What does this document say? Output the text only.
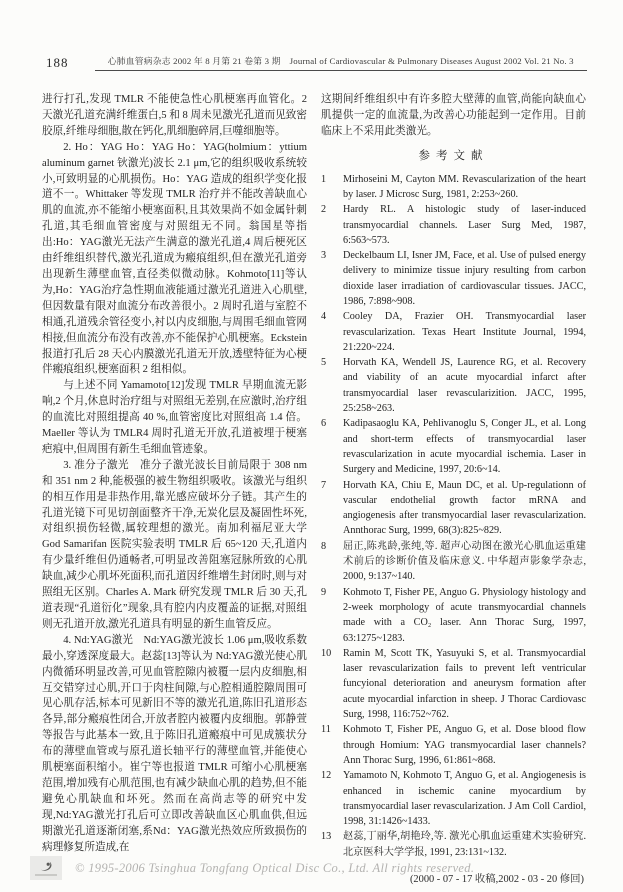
188	心肺血管病杂志 2002 年 8 月第 21 卷第 3 期　Journal of Cardiovascular & Pulmonary Diseases August 2002 Vol. 21 No. 3

进行打孔,发现 TMLR 不能使急性心肌梗塞再血管化。2 天激光孔道充满纤维蛋白,5 和 8 周未见激光孔道而见致密胶原,纤维母细胞,散在钙化,肌细胞碎屑,巨噬细胞等。

2. Ho：YAG Ho：YAG Ho：YAG(holmium：yttium aluminum garnet 钬激光)波长 2.1 μm,它的组织吸收系统较小,可致明显的心肌损伤。Ho：YAG 造成的组织学变化报道不一。Whittaker 等发现 TMLR 治疗并不能改善缺血心肌的血流,亦不能缩小梗塞面积,且其效果尚不如金属针刺孔道,其毛细血管密度与对照组无不同。翁国星等指出:Ho：YAG激光无法产生满意的激光孔道,4 周后梗死区由纤维组织替代,激光孔道成为瘢痕组织,但在激光孔道旁出现新生薄壁血管,直径类似微动脉。Kohmoto[11]等认为,Ho：YAG治疗急性期血液能通过激光孔道进入心肌壁,但因数量有限对血流分布改善很小。2 周时孔道与室腔不相通,孔道残余管径变小,衬以内皮细胞,与周围毛细血管网相接,但血流分布没有改善,亦不能保护心肌梗塞。Eckstein 报道打孔后 28 天心内膜激光孔道无开放,透壁特征为心梗伴瘢痕组织,梗塞面积 2 组相似。

与上述不同 Yamamoto[12]发现 TMLR 早期血流无影响,2 个月,休息时治疗组与对照组无差别,在应激时,治疗组的血流比对照组提高 40 %,血管密度比对照组高 1.4 倍。Maeller 等认为 TMLR4 周时孔道无开放,孔道被埋于梗塞疤痕中,但周围有新生毛细血管迹象。

3. 准分子激光　准分子激光波长目前局限于 308 nm 和 351 nm 2 种,能极强的被生物组织吸收。该激光与组织的相互作用是非热作用,靠光感应破坏分子链。其产生的孔道光镜下可见切剖面整齐干净,无炭化层及凝固性坏死,对组织损伤轻微,属较理想的激光。南加利福尼亚大学 God Samarifan 医院实验表明 TMLR 后 65~120 天,孔道内有少量纤维但仍通畅者,可明显改善阻塞冠脉所致的心肌缺血,减少心肌坏死面积,而孔道因纤维增生封闭时,则与对照组无区别。Charles A. Mark 研究发现 TMLR 后 30 天,孔道表现“孔道衍化”现象,具有腔内内皮覆盖的证据,对照组则无孔道开放,激光孔道具有明显的新生血管反应。

4. Nd:YAG激光　Nd:YAG激光波长 1.06 μm,吸收系数最小,穿透深度最大。赵蕊[13]等认为 Nd:YAG激光使心肌内微循环明显改善,可见血管腔隙内被覆一层内皮细胞,相互交错穿过心肌,开口于肉柱间隙,与心腔相通腔隙周围可见心肌存活,标本可见新旧不等的激光孔道,陈旧孔道形态各异,部分瘢痕性闭合,开放者腔内被覆内皮细胞。郭静萱等报告与此基本一致,且于陈旧孔道瘢痕中可见成簇状分布的薄壁血管或与原孔道长轴平行的薄壁血管,并能使心肌梗塞面积缩小。崔宁等也报道 TMLR 可缩小心肌梗塞范围,增加残有心肌范围,也有减少缺血心肌的趋势,但不能避免心肌缺血和坏死。然而在高尚志等的研究中发现,Nd:YAG激光打孔后可立即改善缺血区心肌血供,但远期激光孔道逐渐闭塞,系Nd：YAG激光热效应所致损伤的病理修复所造成,在

这期间纤维组织中有许多腔大壁薄的血管,尚能向缺血心肌提供一定的血流量,为改善心功能起到一定作用。目前临床上不采用此类激光。

参考文献
1	Mirhoseini M, Cayton MM. Revascularization of the heart by laser. J Microsc Surg, 1981, 2:253~260.
2	Hardy RL. A histologic study of laser-induced transmyocardial channels. Laser Surg Med, 1987, 6:563~573.
3	Deckelbaum LI, Isner JM, Face, et al. Use of pulsed energy delivery to minimize tissue injury resulting from carbon dioxide laser irradiation of cardiovascular tissues. JACC, 1986, 7:898~908.
4	Cooley DA, Frazier OH. Transmyocardial laser revascularization. Texas Heart Institute Journal, 1994, 21:220~224.
5	Horvath KA, Wendell JS, Laurence RG, et al. Recovery and viability of an acute myocardial infarct after transmyocardial laser revascularizition. JACC, 1995, 25:258~263.
6	Kadipasaoglu KA, Pehlivanoglu S, Conger JL, et al. Long and short-term effects of transmyocardial laser revascularization in acute myocardial ischemia. Laser in Surgery and Medicine, 1997, 20:6~14.
7	Horvath KA, Chiu E, Maun DC, et al. Up-regulationn of vascular endothelial growth factor mRNA and angiogenesis after transmyocardial laser revascularization. Annthorac Surg, 1999, 68(3):825~829.
8	屈正,陈兆龄,张纯,等. 超声心动图在激光心肌血运重建术前后的诊断价值及临床意义. 中华超声影象学杂志, 2000, 9:137~140.
9	Kohmoto T, Fisher PE, Anguo G. Physiology histology and 2-week morphology of acute transmyocardial channels made with a CO₂ laser. Ann Thorac Surg, 1997, 63:1275~1283.
10	Ramin M, Scott TK, Yasuyuki S, et al. Transmyocardial laser revascularization fails to prevent left ventricular funcyional deterioration and aneurysm formation after acute myocardial infarction in sheep. J Thorac Cardiovasc Surg, 1998, 116:752~762.
11	Kohmoto T, Fisher PE, Anguo G, et al. Dose blood flow through Homium: YAG transmyocardial laser channels? Ann Thorac Surg, 1996, 61:861~868.
12	Yamamoto N, Kohmoto T, Anguo G, et al. Angiogenesis is enhanced in ischemic canine myocardium by transmyocardial laser revascularization. J Am Coll Cardiol, 1998, 31:1426~1433.
13	赵蕊,丁丽华,胡艳玲,等. 激光心肌血运重建术实验研究. 北京医科大学学报, 1991, 23:131~132.

(2000 - 07 - 17 收稿,2002 - 03 - 20 修回)

© 1995-2006 Tsinghua Tongfang Optical Disc Co., Ltd. All rights reserved.
